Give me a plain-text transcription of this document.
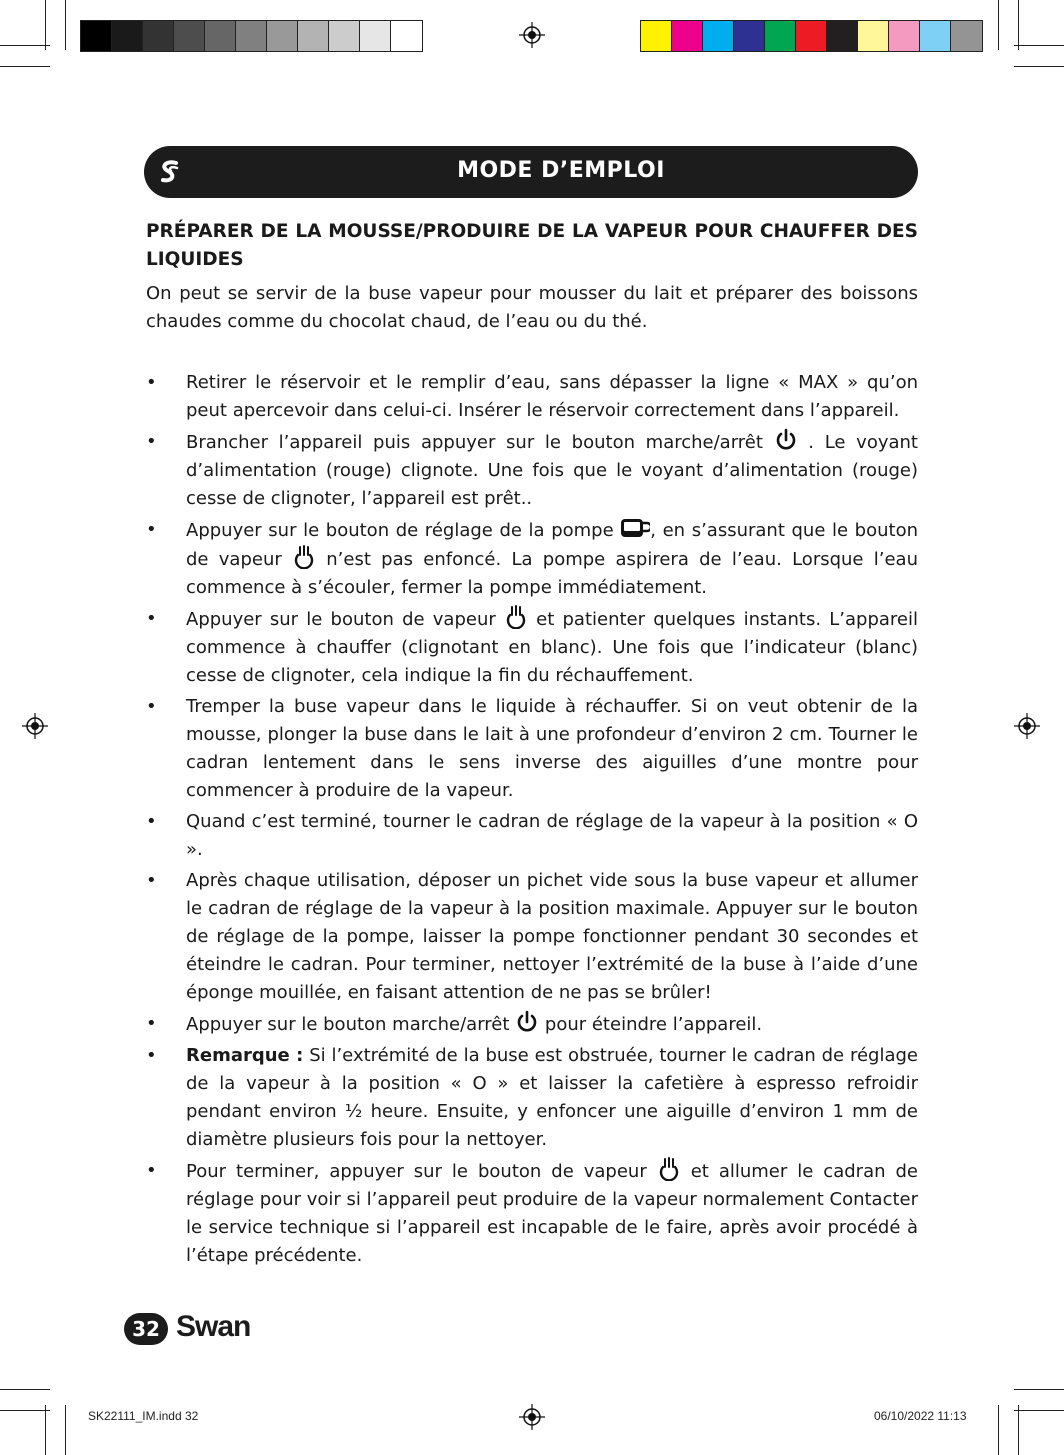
MODE D’EMPLOI
PRÉPARER DE LA MOUSSE/PRODUIRE DE LA VAPEUR POUR CHAUFFER DES LIQUIDES
On peut se servir de la buse vapeur pour mousser du lait et préparer des boissons chaudes comme du chocolat chaud, de l’eau ou du thé.
• Retirer le réservoir et le remplir d’eau, sans dépasser la ligne « MAX » qu’on peut apercevoir dans celui-ci. Insérer le réservoir correctement dans l’appareil.
• Brancher l’appareil puis appuyer sur le bouton marche/arrêt  . Le voyant d’alimentation (rouge) clignote. Une fois que le voyant d’alimentation (rouge) cesse de clignoter, l’appareil est prêt..
• Appuyer sur le bouton de réglage de la pompe , en s’assurant que le bouton de vapeur  n’est pas enfoncé. La pompe aspirera de l’eau. Lorsque l’eau commence à s’écouler, fermer la pompe immédiatement.
• Appuyer sur le bouton de vapeur  et patienter quelques instants. L’appareil commence à chauffer (clignotant en blanc). Une fois que l’indicateur (blanc) cesse de clignoter, cela indique la fin du réchauffement.
• Tremper la buse vapeur dans le liquide à réchauffer. Si on veut obtenir de la mousse, plonger la buse dans le lait à une profondeur d’environ 2 cm. Tourner le cadran lentement dans le sens inverse des aiguilles d’une montre pour commencer à produire de la vapeur.
• Quand c’est terminé, tourner le cadran de réglage de la vapeur à la position « O ».
• Après chaque utilisation, déposer un pichet vide sous la buse vapeur et allumer le cadran de réglage de la vapeur à la position maximale. Appuyer sur le bouton de réglage de la pompe, laisser la pompe fonctionner pendant 30 secondes et éteindre le cadran. Pour terminer, nettoyer l’extrémité de la buse à l’aide d’une éponge mouillée, en faisant attention de ne pas se brûler!
• Appuyer sur le bouton marche/arrêt  pour éteindre l’appareil.
• Remarque : Si l’extrémité de la buse est obstruée, tourner le cadran de réglage de la vapeur à la position « O » et laisser la cafetière à espresso refroidir pendant environ ½ heure. Ensuite, y enfoncer une aiguille d’environ 1 mm de diamètre plusieurs fois pour la nettoyer.
• Pour terminer, appuyer sur le bouton de vapeur  et allumer le cadran de réglage pour voir si l’appareil peut produire de la vapeur normalement Contacter le service technique si l’appareil est incapable de le faire, après avoir procédé à l’étape précédente.
32 Swan
SK22111_IM.indd 32	06/10/2022 11:13
